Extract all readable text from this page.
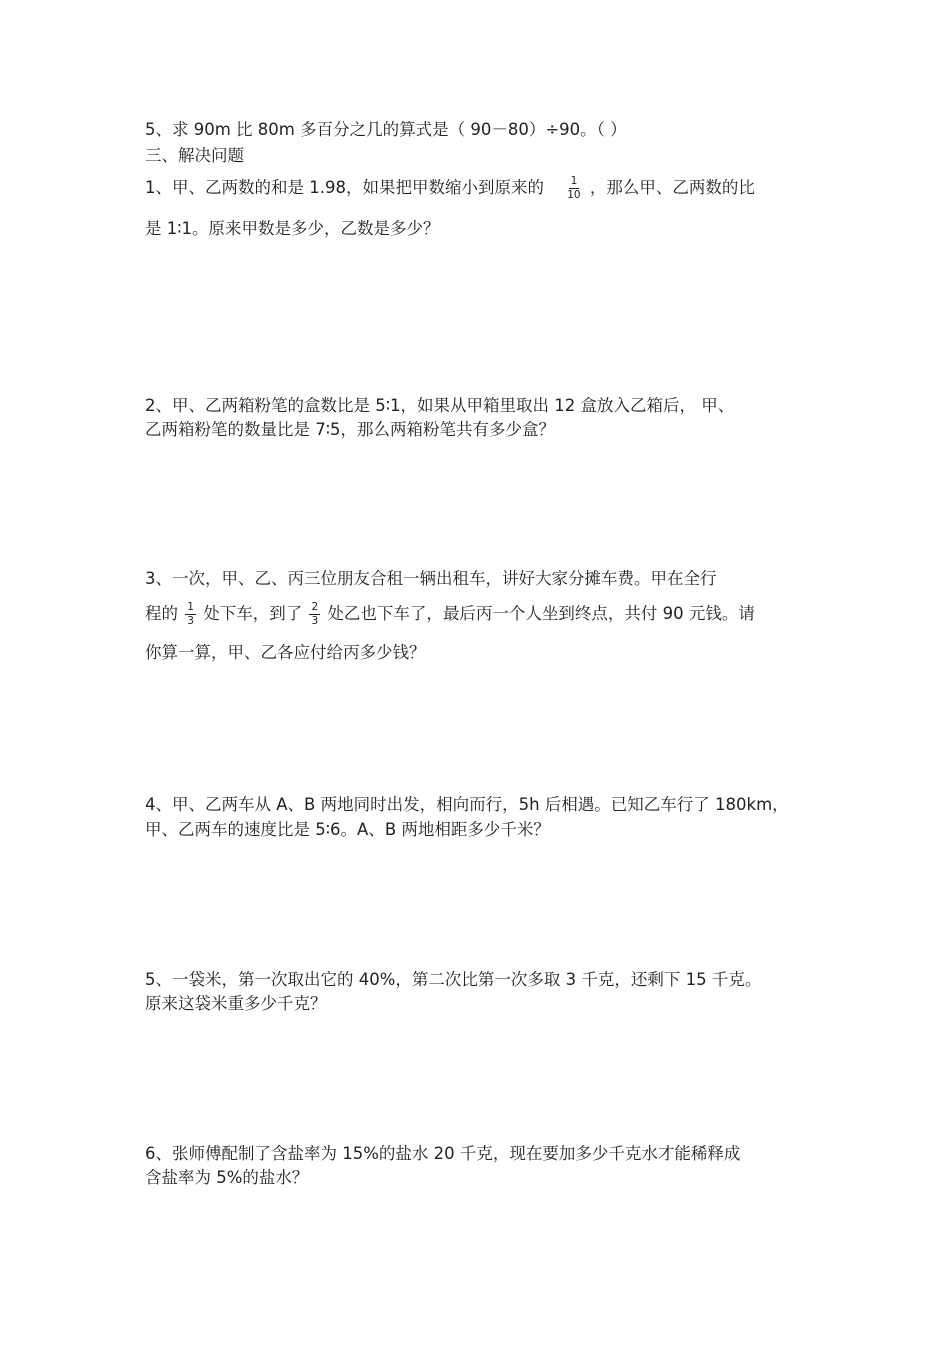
5、求 90m 比 80m 多百分之几的算式是（ 90－80）÷90。（ ）
三、解决问题
1、甲、乙两数的和是 1.98，如果把甲数缩小到原来的 $\frac{1}{10}$ ，那么甲、乙两数的比
是 1∶1。原来甲数是多少，乙数是多少？
2、甲、乙两箱粉笔的盒数比是 5∶1，如果从甲箱里取出 12 盒放入乙箱后， 甲、
乙两箱粉笔的数量比是 7∶5，那么两箱粉笔共有多少盒？
3、一次，甲、乙、丙三位朋友合租一辆出租车，讲好大家分摊车费。甲在全行
程的 $\frac{1}{3}$ 处下车，到了 $\frac{2}{3}$ 处乙也下车了，最后丙一个人坐到终点，共付 90 元钱。请
你算一算，甲、乙各应付给丙多少钱？
4、甲、乙两车从 A、B 两地同时出发，相向而行，5h 后相遇。已知乙车行了 180km，
甲、乙两车的速度比是 5∶6。A、B 两地相距多少千米？
5、一袋米，第一次取出它的 40%，第二次比第一次多取 3 千克，还剩下 15 千克。
原来这袋米重多少千克？
6、张师傅配制了含盐率为 15%的盐水 20 千克，现在要加多少千克水才能稀释成
含盐率为 5%的盐水？
